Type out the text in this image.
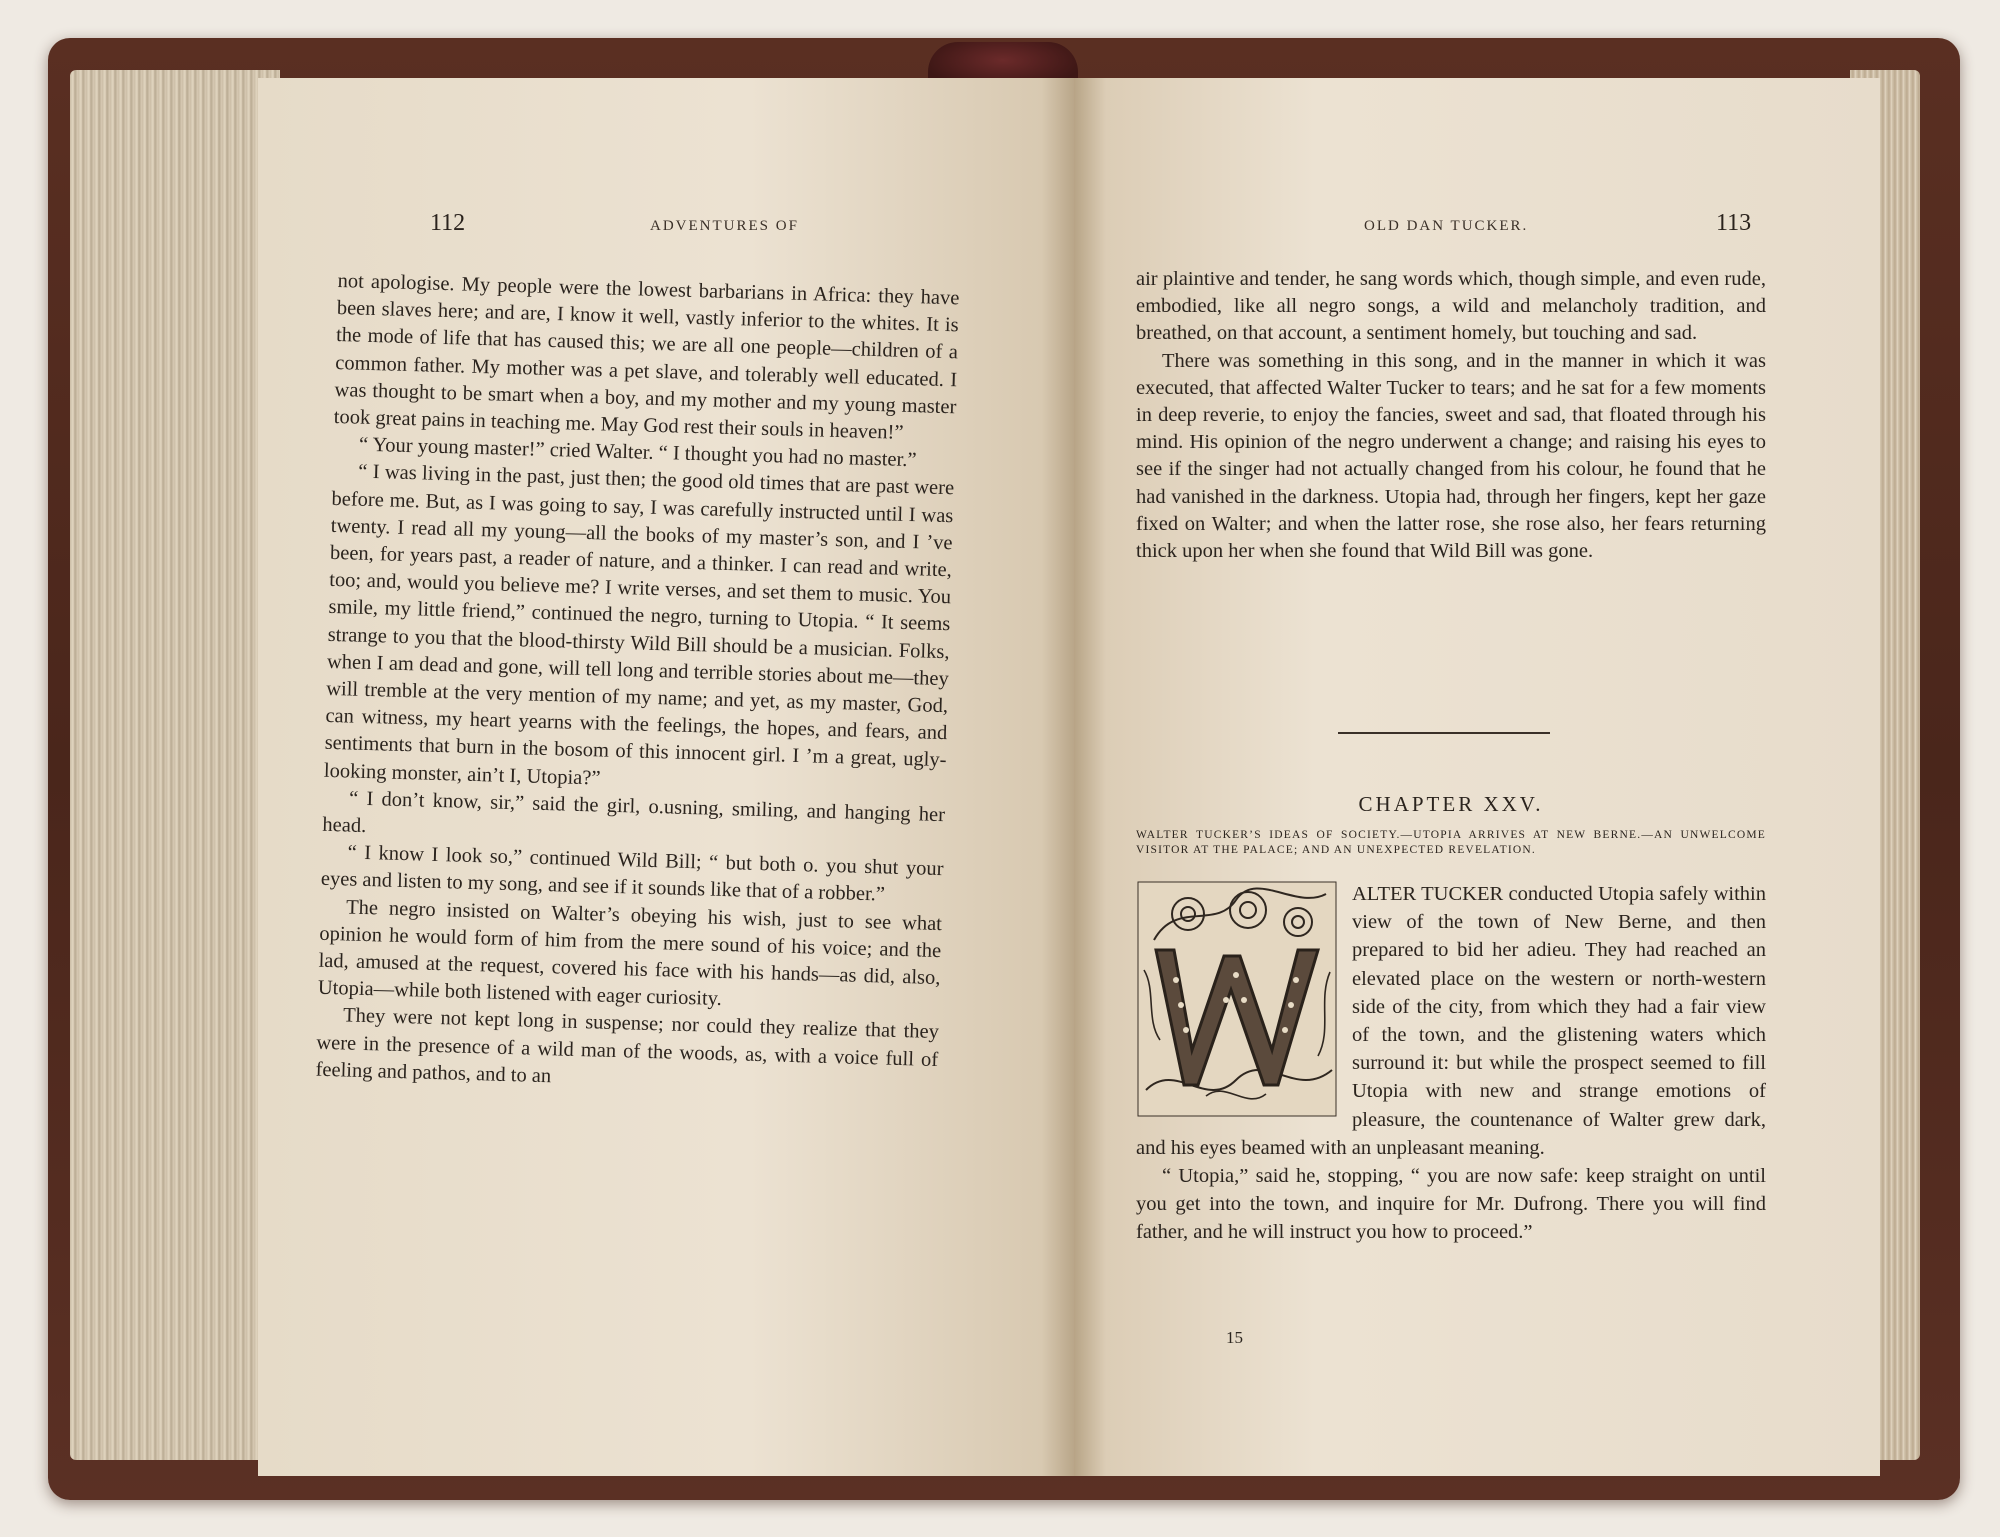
112	ADVENTURES OF

not apologise. My people were the lowest barbarians in Africa: they have been slaves here; and are, I know it well, vastly inferior to the whites. It is the mode of life that has caused this; we are all one people—children of a common father. My mother was a pet slave, and tolerably well educated. I was thought to be smart when a boy, and my mother and my young master took great pains in teaching me. May God rest their souls in heaven!”

“ Your young master!” cried Walter. “ I thought you had no master.”

“ I was living in the past, just then; the good old times that are past were before me. But, as I was going to say, I was carefully instructed until I was twenty. I read all my young—all the books of my master’s son, and I ’ve been, for years past, a reader of nature, and a thinker. I can read and write, too; and, would you believe me? I write verses, and set them to music. You smile, my little friend,” continued the negro, turning to Utopia. “ It seems strange to you that the blood-thirsty Wild Bill should be a musician. Folks, when I am dead and gone, will tell long and terrible stories about me—they will tremble at the very mention of my name; and yet, as my master, God, can witness, my heart yearns with the feelings, the hopes, and fears, and sentiments that burn in the bosom of this innocent girl. I ’m a great, ugly-looking monster, ain’t I, Utopia?”

“ I don’t know, sir,” said the girl, o.usning, smiling, and hanging her head.

“ I know I look so,” continued Wild Bill; “ but both o. you shut your eyes and listen to my song, and see if it sounds like that of a robber.”

The negro insisted on Walter’s obeying his wish, just to see what opinion he would form of him from the mere sound of his voice; and the lad, amused at the request, covered his face with his hands—as did, also, Utopia—while both listened with eager curiosity.

They were not kept long in suspense; nor could they realize that they were in the presence of a wild man of the woods, as, with a voice full of feeling and pathos, and to an

OLD DAN TUCKER.	113

air plaintive and tender, he sang words which, though simple, and even rude, embodied, like all negro songs, a wild and melancholy tradition, and breathed, on that account, a sentiment homely, but touching and sad.

There was something in this song, and in the manner in which it was executed, that affected Walter Tucker to tears; and he sat for a few moments in deep reverie, to enjoy the fancies, sweet and sad, that floated through his mind. His opinion of the negro underwent a change; and raising his eyes to see if the singer had not actually changed from his colour, he found that he had vanished in the darkness. Utopia had, through her fingers, kept her gaze fixed on Walter; and when the latter rose, she rose also, her fears returning thick upon her when she found that Wild Bill was gone.

CHAPTER XXV.
WALTER TUCKER’S IDEAS OF SOCIETY.—UTOPIA ARRIVES AT NEW BERNE.—AN UNWELCOME VISITOR AT THE PALACE; AND AN UNEXPECTED REVELATION.

ALTER TUCKER conducted Utopia safely within view of the town of New Berne, and then prepared to bid her adieu. They had reached an elevated place on the western or north-western side of the city, from which they had a fair view of the town, and the glistening waters which surround it: but while the prospect seemed to fill Utopia with new and strange emotions of pleasure, the countenance of Walter grew dark, and his eyes beamed with an unpleasant meaning.

“ Utopia,” said he, stopping, “ you are now safe: keep straight on until you get into the town, and inquire for Mr. Dufrong. There you will find father, and he will instruct you how to proceed.”

15
